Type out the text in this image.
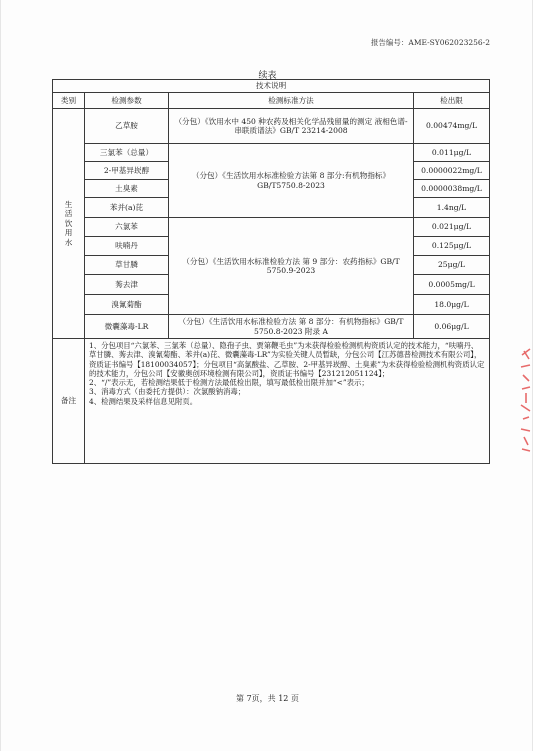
报告编号：AME-SY062023256-2
续表
技术说明			
类别	检测参数	检测标准方法	检出限

生
活
饮
用
水	乙草胺	（分包）《饮用水中 450 种农药及相关化学品残留量的测定 液相色谱-串联质谱法》GB/T 23214-2008	0.00474mg/L
	三氯苯（总量）	（分包）《生活饮用水标准检验方法第 8 部分:有机物指标》GB/T5750.8-2023	0.011μg/L
	2-甲基异崁醇		0.0000022mg/L
	土臭素		0.0000038mg/L
	苯并(a)芘		1.4ng/L
	六氯苯	（分包）《生活饮用水标准检验方法 第 9 部分：农药指标》GB/T 5750.9-2023	0.021μg/L
	呋喃丹		0.125μg/L
	草甘膦		25μg/L
	莠去津		0.0005mg/L
	溴氰菊酯		18.0μg/L
	微囊藻毒-LR	（分包）《生活饮用水标准检验方法 第 8 部分：有机物指标》GB/T 5750.8-2023 附录 A	0.06μg/L
备注	1、分包项目“六氯苯、三氯苯（总量）、隐孢子虫、贾第鞭毛虫”为未获得检验检测机构资质认定的技术能力，“呋喃丹、草甘膦、莠去津、溴氰菊酯、苯并(a)芘、微囊藻毒-LR”为实验关键人员暂缺，分包公司【江苏德普检测技术有限公司】，资质证书编号【181000340​57】；分包项目“高氯酸盐、乙草胺、2-甲基异崁醇、土臭素”为未获得检验检测机构资质认定的技术能力，分包公司【安徽奥创环境检测有限公司】，资质证书编号【231212051124】；

2、“/”表示无，若检测结果低于检测方法最低检出限，填写最低检出限并加“<”表示；

3、消毒方式（由委托方提供）：次氯酸钠消毒；

4、检测结果及采样信息见附页。		

第 7页，共 12 页
